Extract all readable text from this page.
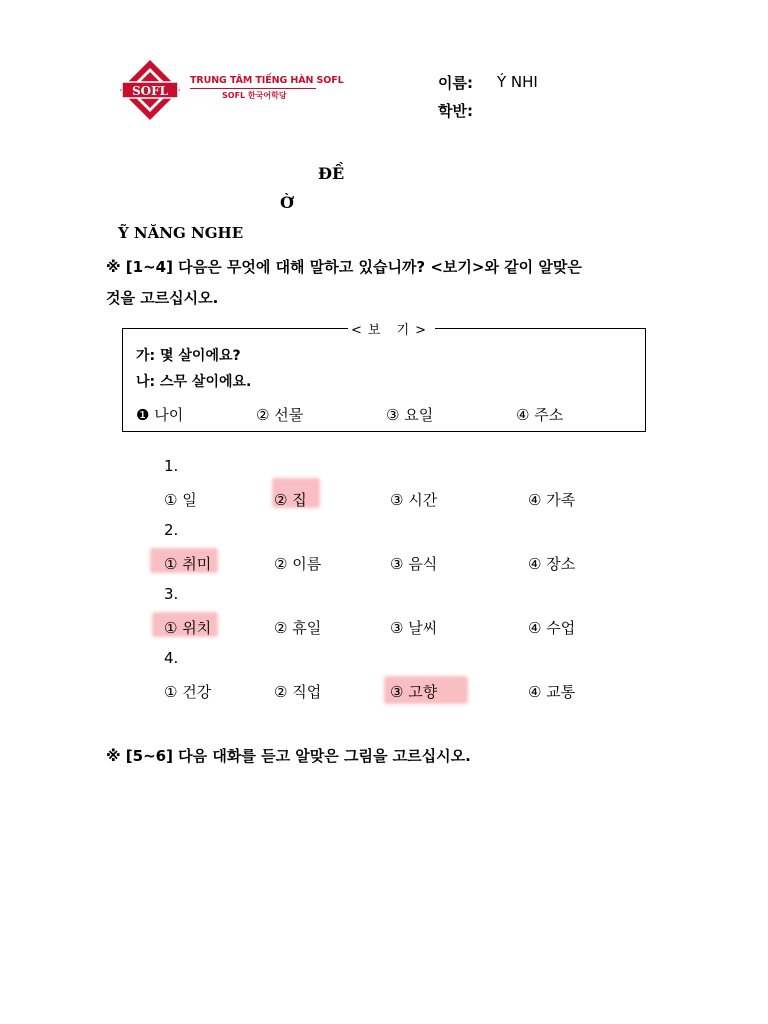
SOFL
TRUNG TÂM TIẾNG HÀN SOFL
SOFL 한국어학당
이름: Ý NHI
학반:
ĐỀ
Ờ
Ỹ NĂNG NGHE
※ [1~4] 다음은 무엇에 대해 말하고 있습니까? <보기>와 같이 알맞은
것을 고르십시오.
<보 기>
가: 몇 살이에요?
나: 스무 살이에요.
❶ 나이	② 선물	③ 요일	④ 주소
1.
① 일	② 집	③ 시간	④ 가족
2.
① 취미	② 이름	③ 음식	④ 장소
3.
① 위치	② 휴일	③ 날씨	④ 수업
4.
① 건강	② 직업	③ 고향	④ 교통
※ [5~6] 다음 대화를 듣고 알맞은 그림을 고르십시오.
